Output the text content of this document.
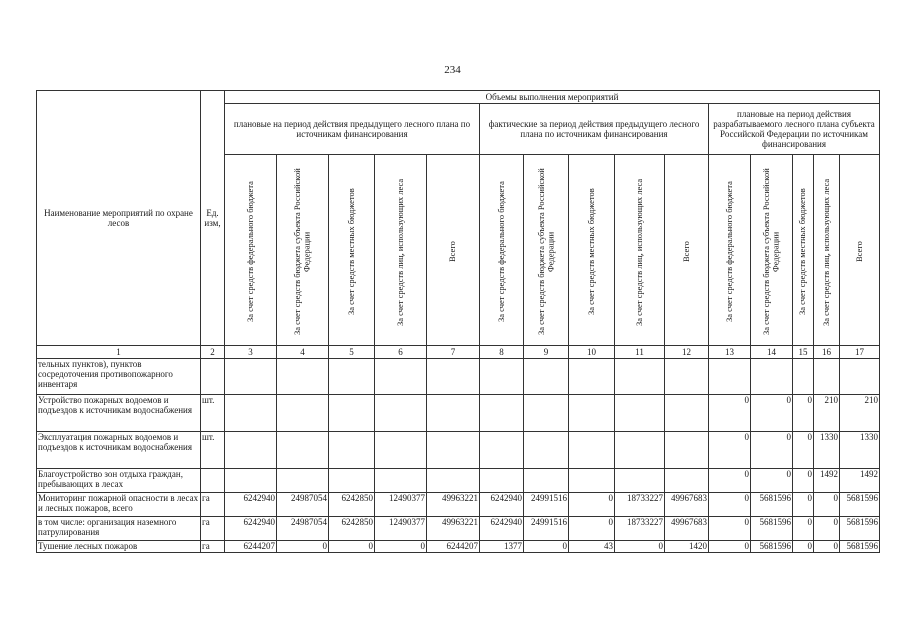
234
Наименование мероприятий по охране лесов	Ед. изм,	Объемы выполнения мероприятий														
		плановые на период действия предыдущего лесного плана по источникам финансирования					фактические за период действия предыдущего лесного плана по источникам финансирования					плановые на период действия разрабатываемого лесного плана субъекта Российской Федерации по источникам финансирования				

		За счет средств федерального бюджета	За счет средств бюджета субъекта Российской Федерации	За счет средств местных бюджетов	За счет средств лиц, использующих леса	Всего	За счет средств федерального бюджета	За счет средств бюджета субъекта Российской Федерации	За счет средств местных бюджетов	За счет средств лиц, использующих леса	Всего	За счет средств федерального бюджета	За счет средств бюджета субъекта Российской Федерации	За счет средств местных бюджетов	За счет средств лиц, использующих леса	Всего

1	2	3	4	5	6	7	8	9	10	11	12	13	14	15	16	17
тельных пунктов), пунктов сосредоточения противопожарного инвентаря																
Устройство пожарных водоемов и подъездов к источникам водоснабжения	шт.											0	0	0	210	210
Эксплуатация пожарных водоемов и подъездов к источникам водоснабжения	шт.											0	0	0	1330	1330
Благоустройство зон отдыха граждан, пребывающих в лесах												0	0	0	1492	1492
Мониторинг пожарной опасности в лесах и лесных пожаров, всего	га	6242940	24987054	6242850	12490377	49963221	6242940	24991516	0	18733227	49967683	0	5681596	0	0	5681596
в том числе: организация наземного патрулирования	га	6242940	24987054	6242850	12490377	49963221	6242940	24991516	0	18733227	49967683	0	5681596	0	0	5681596
Тушение лесных пожаров	га	6244207	0	0	0	6244207	1377	0	43	0	1420	0	5681596	0	0	5681596
